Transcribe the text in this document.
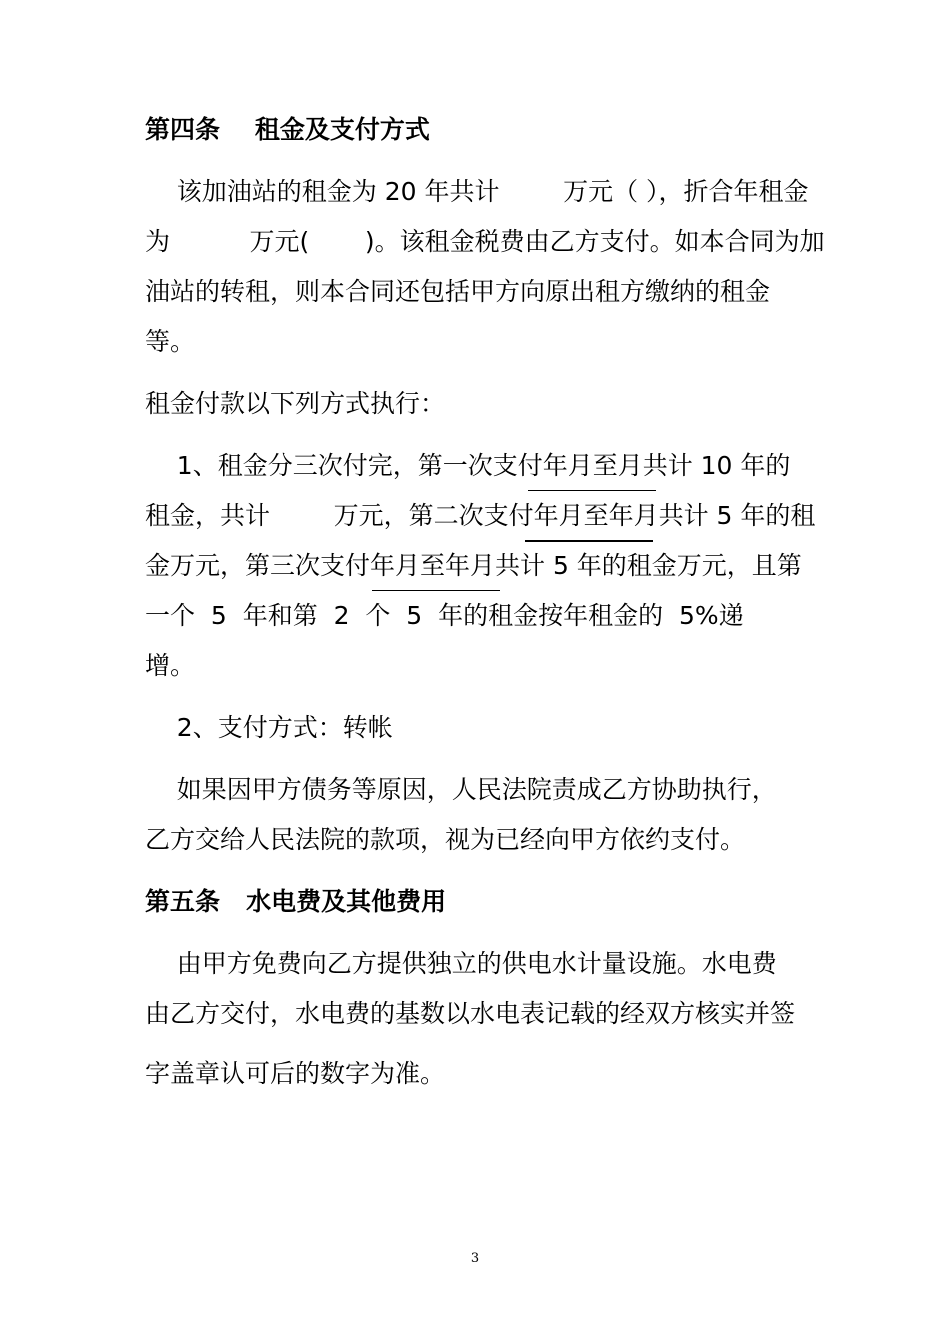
第四条    租金及支付方式

该加油站的租金为 20 年共计        万元（ ），折合年租金

为          万元(       )。该租金税费由乙方支付。如本合同为加

油站的转租，则本合同还包括甲方向原出租方缴纳的租金

等。

租金付款以下列方式执行：

1、租金分三次付完，第一次支付年月至月共计 10 年的

租金，共计        万元，第二次支付年月至年月共计 5 年的租

金万元，第三次支付年月至年月共计 5 年的租金万元，且第

一个  5  年和第  2  个  5  年的租金按年租金的  5%递

增。

2、支付方式：转帐

如果因甲方债务等原因，人民法院责成乙方协助执行，

乙方交给人民法院的款项，视为已经向甲方依约支付。

第五条   水电费及其他费用

由甲方免费向乙方提供独立的供电水计量设施。水电费

由乙方交付，水电费的基数以水电表记载的经双方核实并签

字盖章认可后的数字为准。

3
